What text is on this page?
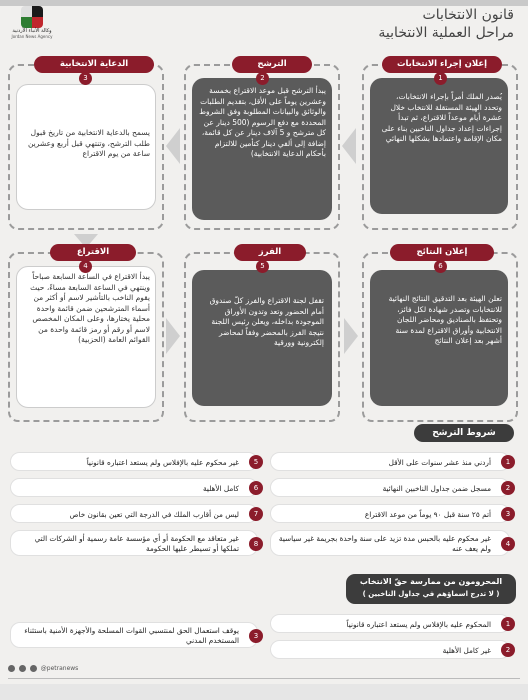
وكالة الأنباء الأردنية
Jordan News Agency
قانون الانتخابات
مراحل العملية الانتخابية
إعلان إجراء الانتخابات
1
يُصدر الملك أمراً بإجراء الانتخابات، وتحدد الهيئة المستقلة للانتخاب خلال عشرة أيام موعداً للاقتراع، ثم تبدأ إجراءات إعداد جداول الناخبين بناء على مكان الإقامة واعتمادها بشكلها النهائي
الترشح
2
يبدأ الترشح قبل موعد الاقتراع بخمسة وعشرين يوماً على الأقل، بتقديم الطلبات والوثائق والبيانات المطلوبة وفق الشروط المحددة مع دفع الرسوم (500 دينار عن كل مترشح و 5 آلاف دينار عن كل قائمة، إضافة إلى ألفي دينار كتأمين للالتزام بأحكام الدعاية الانتخابية)
الدعاية الانتخابية
3
يسمح بالدعاية الانتخابية من تاريخ قبول طلب الترشح، وتنتهي قبل أربع وعشرين ساعة من يوم الاقتراع
الاقتراع
4
يبدأ الاقتراع في الساعة السابعة صباحاً وينتهي في الساعة السابعة مساءً، حيث يقوم الناخب بالتأشير لاسم أو أكثر من أسماء المترشحين ضمن قائمة واحدة محلية يختارها، وعلى المكان المخصص لاسم أو رقم أو رمز قائمة واحدة من القوائم العامة (الحزبية)
الفرز
5
تقفل لجنة الاقتراع والفرز كلّ صندوق أمام الحضور وتعد وتدون الأوراق الموجودة بداخله، ويعلن رئيس اللجنة نتيجة الفرز بالمحضر وفقاً لمحاضر إلكترونية وورقية
إعلان النتائج
6
تعلن الهيئة بعد التدقيق النتائج النهائية للانتخابات وتصدر شهادة لكل فائز، وتحتفظ بالصناديق ومحاضر اللجان الانتخابية وأوراق الاقتراع لمدة سنة أشهر بعد إعلان النتائج
شروط الترشح
أردني منذ عشر سنوات على الأقل	1
مسجل ضمن جداول الناخبين النهائية	2
أتم ٢٥ سنة قبل ٩٠ يوماً من موعد الاقتراع	3
غير محكوم عليه بالحبس مدة تزيد على سنة واحدة بجريمة غير سياسية ولم يعف عنه	4
غير محكوم عليه بالإفلاس ولم يستعد اعتباره قانونياً	5
كامل الأهلية	6
ليس من أقارب الملك في الدرجة التي تعين بقانون خاص	7
غير متعاقد مع الحكومة أو أي مؤسسة عامة رسمية أو الشركات التي تملكها أو تسيطر عليها الحكومة	8
المحرومون من ممارسة حقّ الانتخاب
( لا تدرج اسماؤهم في جداول الناخبين )
المحكوم عليه بالإفلاس ولم يستعد اعتباره قانونياً	1
غير كامل الأهلية	2
يوقف استعمال الحق لمنتسبي القوات المسلحة والأجهزة الأمنية باستثناء المستخدم المدني	3
@petranews
